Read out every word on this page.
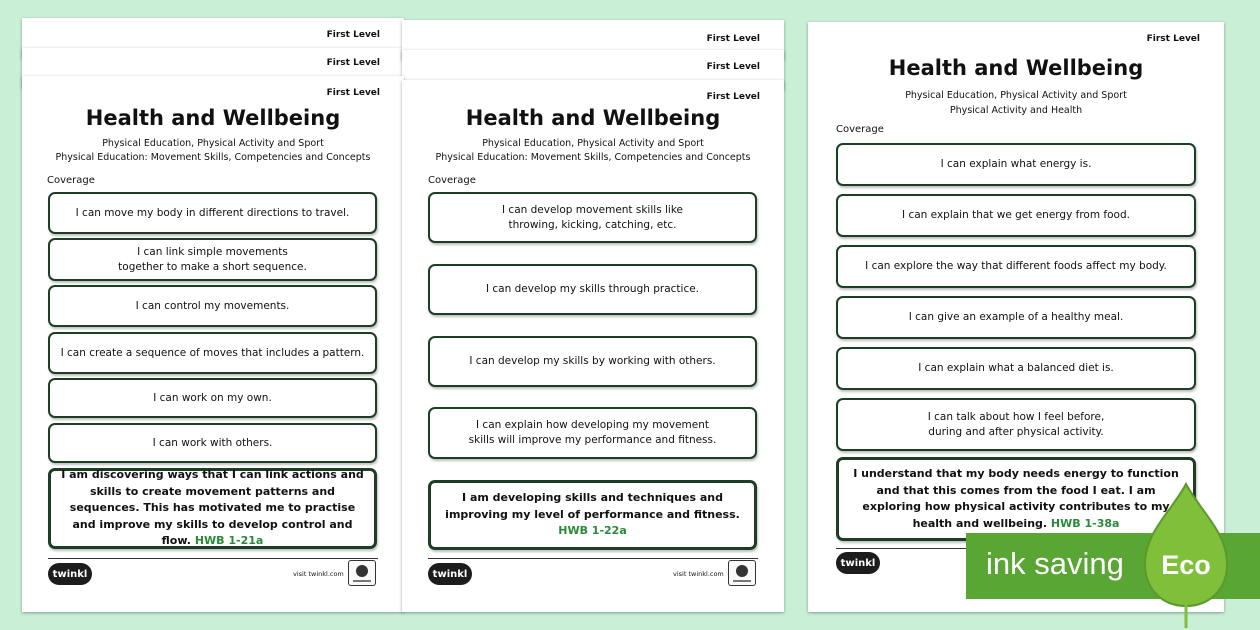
First Level
First Level
First Level
First Level
First Level
Health and Wellbeing
Physical Education, Physical Activity and Sport
Physical Education: Movement Skills, Competencies and Concepts
Coverage
I can move my body in different directions to travel.
I can link simple movements
together to make a short sequence.
I can control my movements.
I can create a sequence of moves that includes a pattern.
I can work on my own.
I can work with others.
I am discovering ways that I can link actions and skills to create movement patterns and sequences. This has motivated me to practise and improve my skills to develop control and flow. HWB 1-21a
twinkl	visit twinkl.com
First Level
Health and Wellbeing
Physical Education, Physical Activity and Sport
Physical Education: Movement Skills, Competencies and Concepts
Coverage
I can develop movement skills like
throwing, kicking, catching, etc.
I can develop my skills through practice.
I can develop my skills by working with others.
I can explain how developing my movement
skills will improve my performance and fitness.
I am developing skills and techniques and improving my level of performance and fitness. HWB 1-22a
twinkl	visit twinkl.com
First Level
Health and Wellbeing
Physical Education, Physical Activity and Sport
Physical Activity and Health
Coverage
I can explain what energy is.
I can explain that we get energy from food.
I can explore the way that different foods affect my body.
I can give an example of a healthy meal.
I can explain what a balanced diet is.
I can talk about how I feel before,
during and after physical activity.
I understand that my body needs energy to function and that this comes from the food I eat. I am exploring how physical activity contributes to my health and wellbeing. HWB 1-38a
twinkl	ink saving Eco
